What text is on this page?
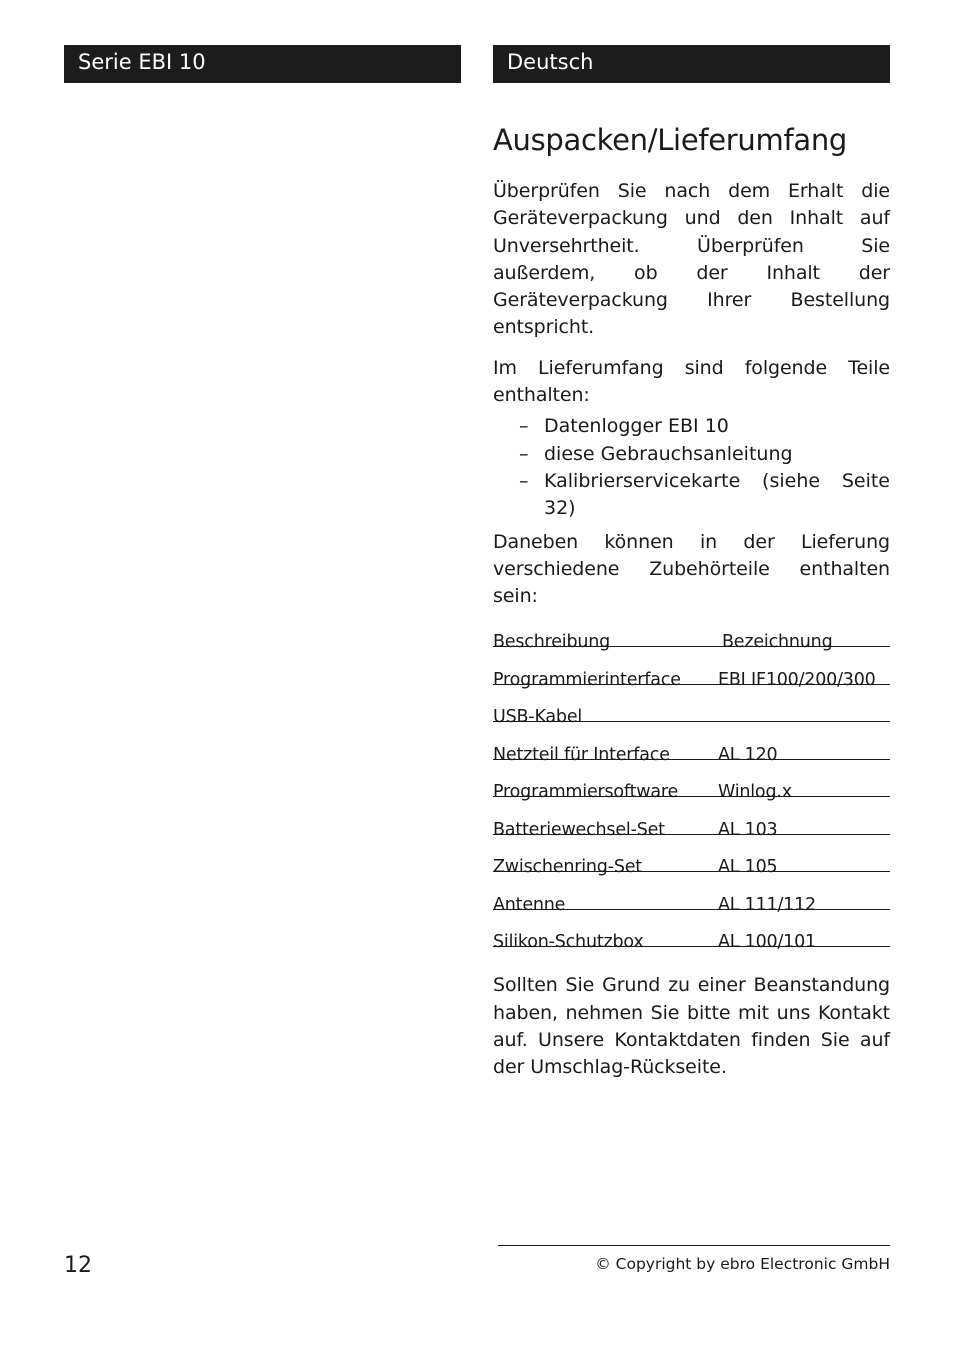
Serie EBI 10	Deutsch
Auspacken/Lieferumfang

Überprüfen Sie nach dem Erhalt die Geräteverpackung und den Inhalt auf Unversehrtheit. Überprüfen Sie außerdem, ob der Inhalt der Geräteverpackung Ihrer Bestellung entspricht.

Im Lieferumfang sind folgende Teile enthalten:

– Datenlogger EBI 10
– diese Gebrauchsanleitung
– Kalibrierservicekarte (siehe Seite 32)

Daneben können in der Lieferung verschiedene Zubehörteile enthalten sein:

Beschreibung	Bezeichnung
Programmierinterface EBI IF100/200/300
USB-Kabel
Netzteil für Interface	AL 120
Programmiersoftware Winlog.x
Batteriewechsel-Set	AL 103
Zwischenring-Set	AL 105
Antenne	AL 111/112
Silikon-Schutzbox	AL 100/101

Sollten Sie Grund zu einer Beanstandung haben, nehmen Sie bitte mit uns Kontakt auf. Unsere Kontaktdaten finden Sie auf der Umschlag-Rückseite.

12	© Copyright by ebro Electronic GmbH
